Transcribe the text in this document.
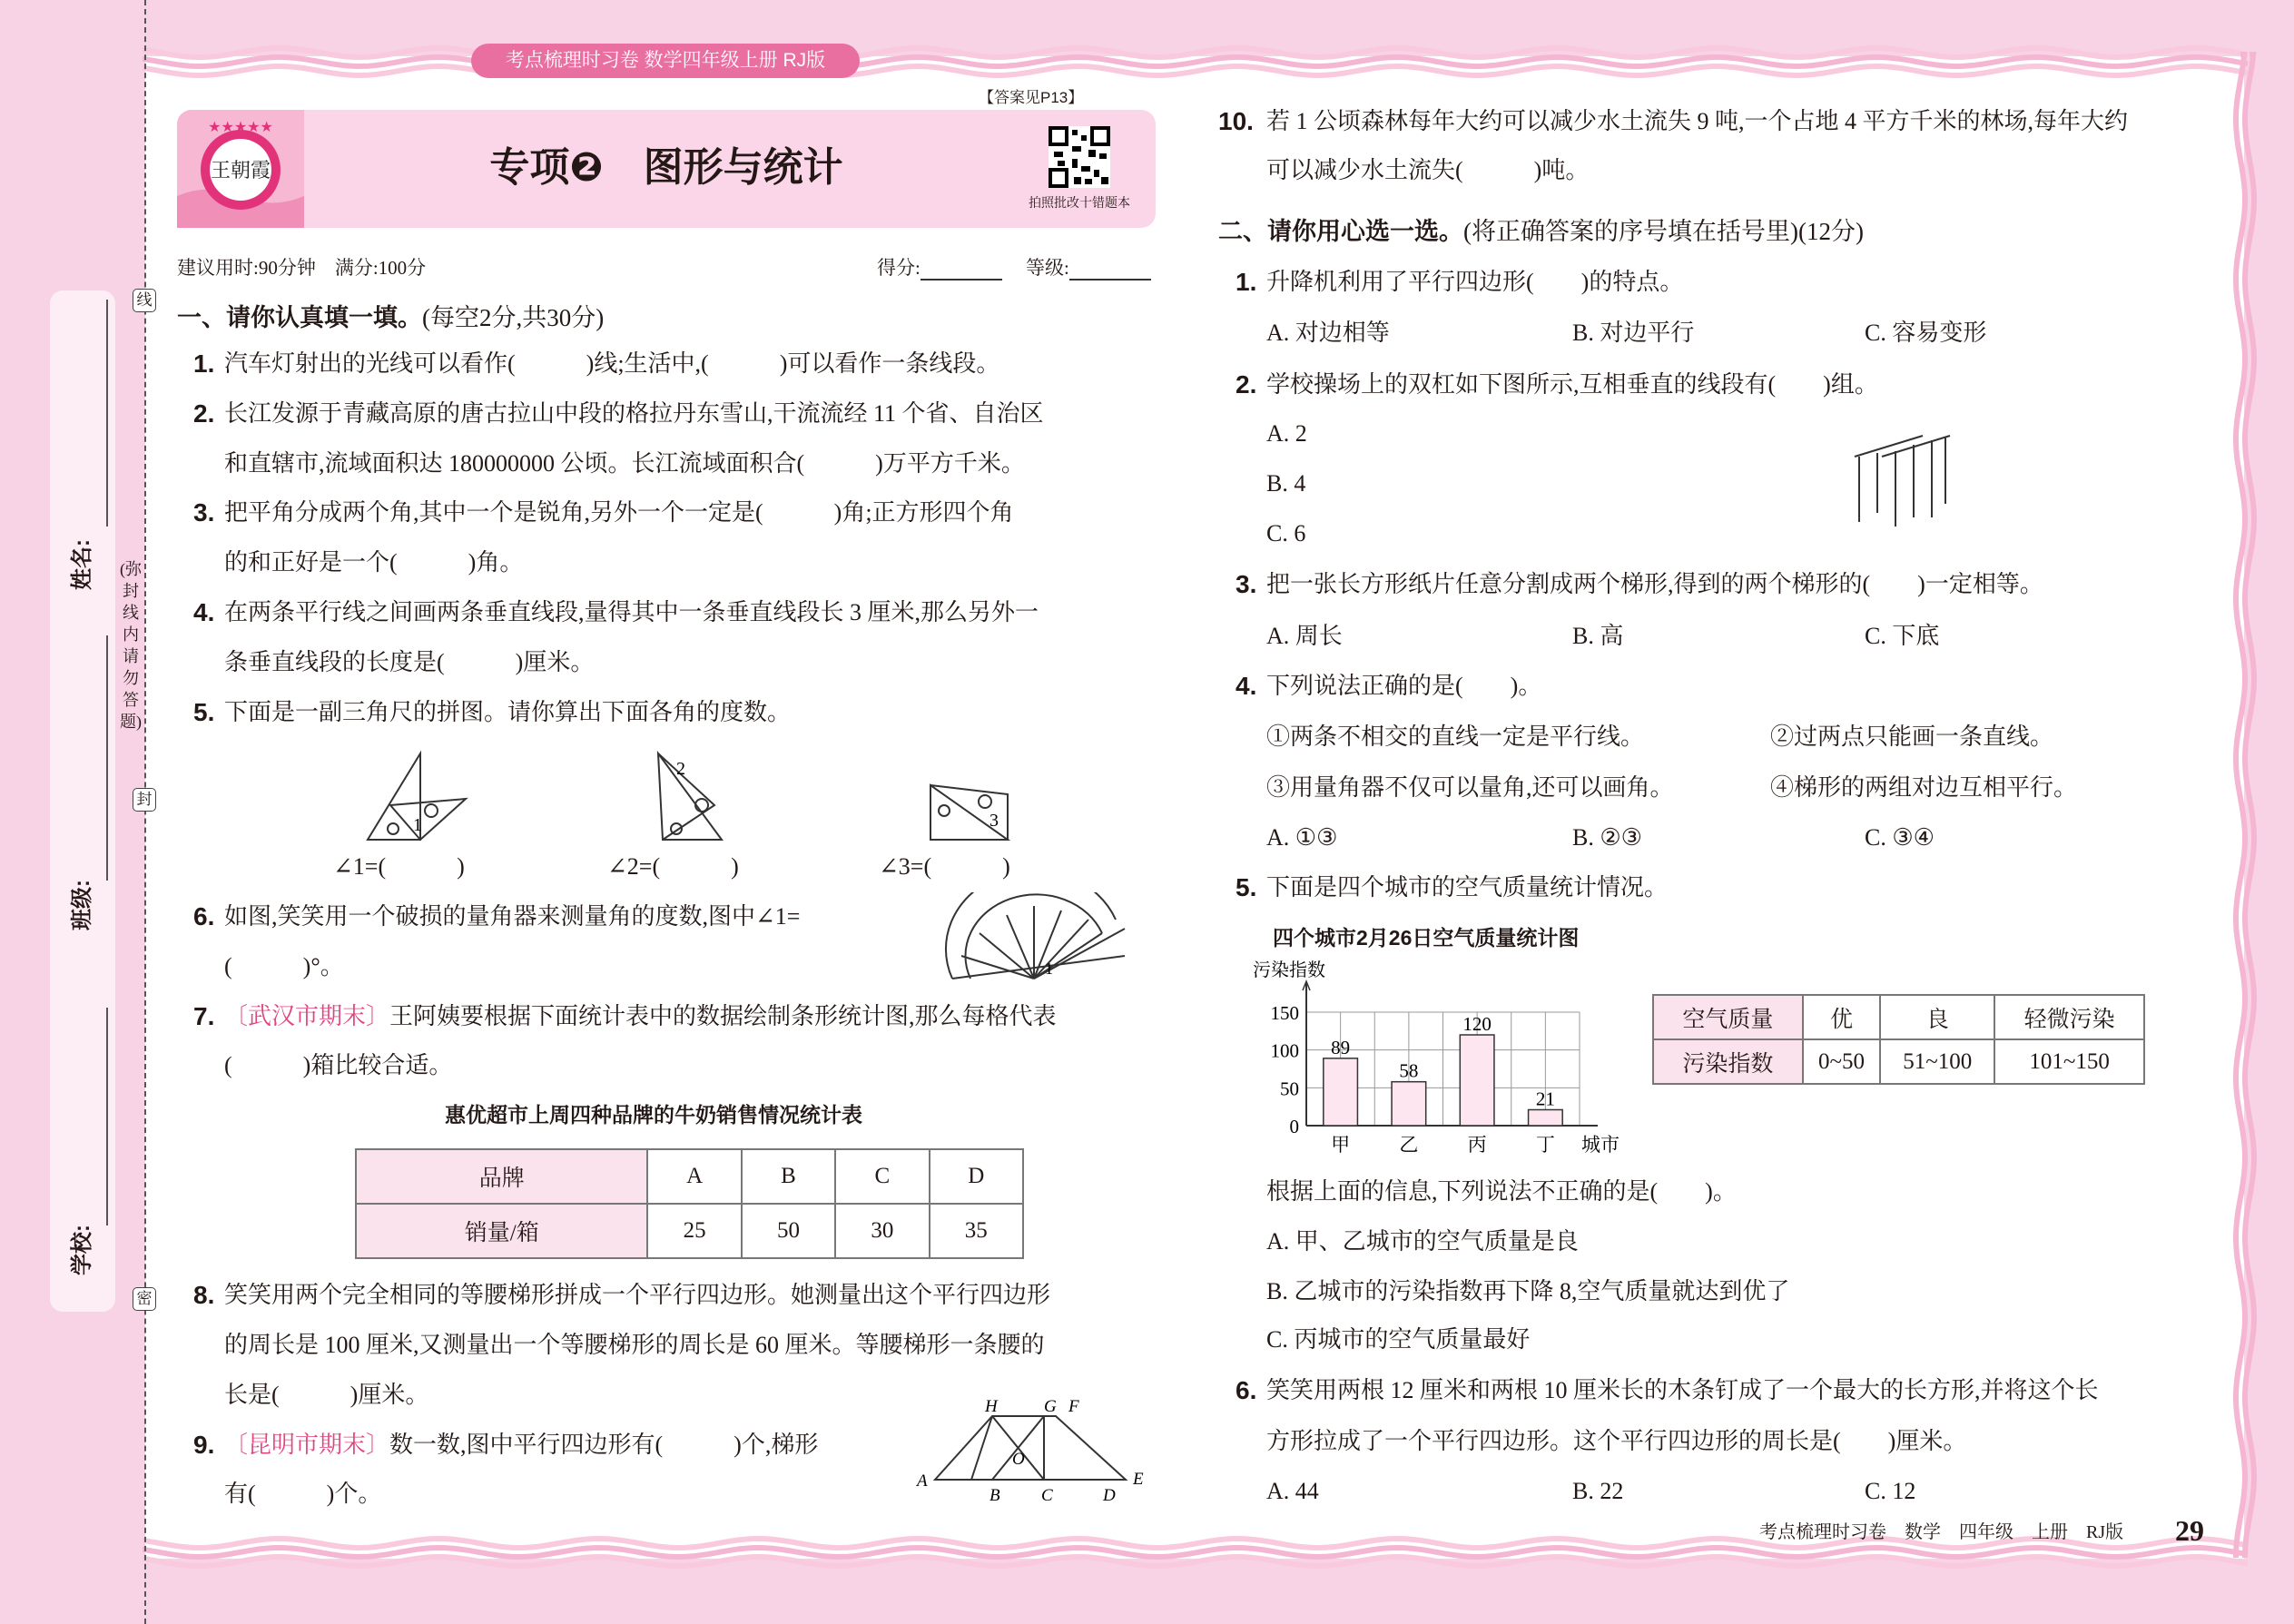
姓名:
班级:
学校:
线
封
密
(弥封线内请勿答题)
考点梳理时习卷 数学四年级上册 RJ版
【答案见P13】
王朝霞
★★★★★
专项❷　图形与统计
拍照批改十错题本
建议用时:90分钟　满分:100分	得分:	等级:
一、请你认真填一填。(每空2分,共30分)
1. 汽车灯射出的光线可以看作(　　　)线;生活中,(　　　)可以看作一条线段。
2. 长江发源于青藏高原的唐古拉山中段的格拉丹东雪山,干流流经 11 个省、自治区
和直辖市,流域面积达 180000000 公顷。长江流域面积合(　　　)万平方千米。
3. 把平角分成两个角,其中一个是锐角,另外一个一定是(　　　)角;正方形四个角
的和正好是一个(　　　)角。
4. 在两条平行线之间画两条垂直线段,量得其中一条垂直线段长 3 厘米,那么另外一
条垂直线段的长度是(　　　)厘米。
5. 下面是一副三角尺的拼图。请你算出下面各角的度数。
1
2
3
∠1=(　　　)	∠2=(　　　)	∠3=(　　　)
6. 如图,笑笑用一个破损的量角器来测量角的度数,图中∠1=
(　　　)°。	1
7. 〔武汉市期末〕王阿姨要根据下面统计表中的数据绘制条形统计图,那么每格代表
(　　　)箱比较合适。
惠优超市上周四种品牌的牛奶销售情况统计表
品牌	A	B	C	D
销量/箱	25	50	30	35
8. 笑笑用两个完全相同的等腰梯形拼成一个平行四边形。她测量出这个平行四边形
的周长是 100 厘米,又测量出一个等腰梯形的周长是 60 厘米。等腰梯形一条腰的
长是(　　　)厘米。
9. 〔昆明市期末〕数一数,图中平行四边形有(　　　)个,梯形
有(　　　)个。
H	G F
A
B C	D
E
O
10. 若 1 公顷森林每年大约可以减少水土流失 9 吨,一个占地 4 平方千米的林场,每年大约
可以减少水土流失(　　　)吨。
二、请你用心选一选。(将正确答案的序号填在括号里)(12分)
1. 升降机利用了平行四边形(　　)的特点。
A. 对边相等	B. 对边平行	C. 容易变形
2. 学校操场上的双杠如下图所示,互相垂直的线段有(　　)组。
A. 2
B. 4
C. 6
3. 把一张长方形纸片任意分割成两个梯形,得到的两个梯形的(　　)一定相等。
A. 周长	B. 高	C. 下底
4. 下列说法正确的是(　　)。
①两条不相交的直线一定是平行线。	②过两点只能画一条直线。
③用量角器不仅可以量角,还可以画角。	④梯形的两组对边互相平行。
A. ①③	B. ②③	C. ③④
5. 下面是四个城市的空气质量统计情况。
四个城市2月26日空气质量统计图
0
50
100
150
污染指数
89
甲
58
乙
120
丙
21
丁 城市
空气质量	优	良	轻微污染
污染指数	0~50	51~100	101~150
根据上面的信息,下列说法不正确的是(　　)。
A. 甲、乙城市的空气质量是良
B. 乙城市的污染指数再下降 8,空气质量就达到优了
C. 丙城市的空气质量最好
6. 笑笑用两根 12 厘米和两根 10 厘米长的木条钉成了一个最大的长方形,并将这个长
方形拉成了一个平行四边形。这个平行四边形的周长是(　　)厘米。
A. 44	B. 22	C. 12
考点梳理时习卷　数学　四年级　上册　RJ版 29
